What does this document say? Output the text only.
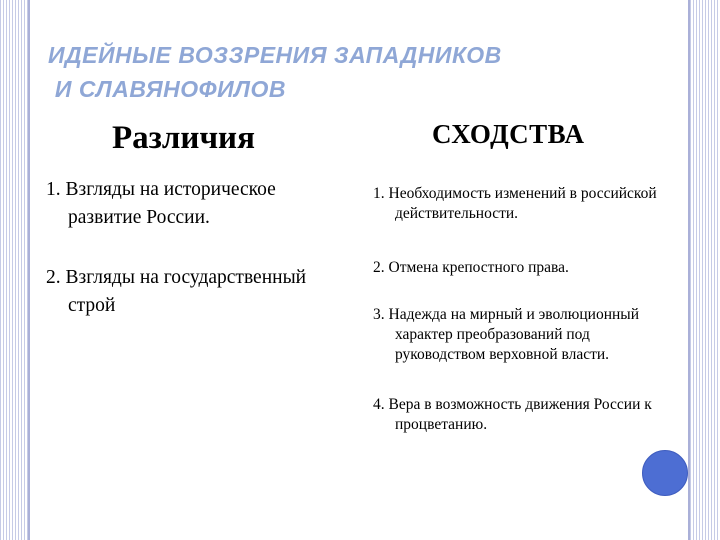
ИДЕЙНЫЕ ВОЗЗРЕНИЯ ЗАПАДНИКОВ
И СЛАВЯНОФИЛОВ
Различия	СХОДСТВА
1. Взгляды на историческое развитие России.
2. Взгляды на государственный строй
1. Необходимость изменений в российской действительности.
2. Отмена крепостного права.
3. Надежда на мирный и эволюционный характер преобразований под руководством верховной власти.
4. Вера в возможность движения России к процветанию.
